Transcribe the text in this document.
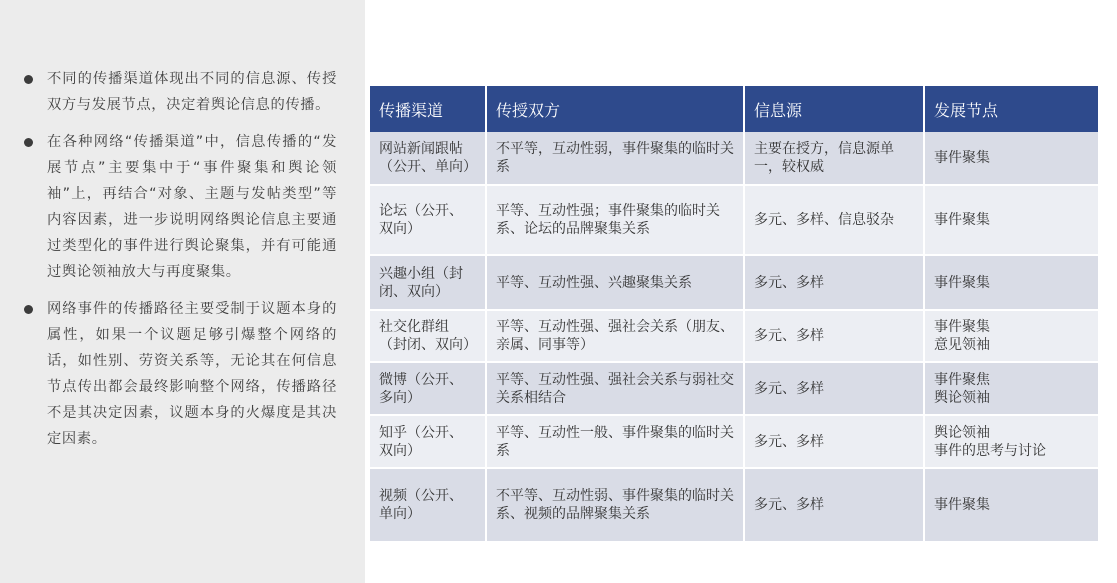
不同的传播渠道体现出不同的信息源、传授双方与发展节点，决定着舆论信息的传播。
在各种网络“传播渠道”中，信息传播的“发展节点”主要集中于“事件聚集和舆论领袖”上，再结合“对象、主题与发帖类型”等内容因素，进一步说明网络舆论信息主要通过类型化的事件进行舆论聚集，并有可能通过舆论领袖放大与再度聚集。
网络事件的传播路径主要受制于议题本身的属性，如果一个议题足够引爆整个网络的话，如性别、劳资关系等，无论其在何信息节点传出都会最终影响整个网络，传播路径不是其决定因素，议题本身的火爆度是其决定因素。
传播渠道	传授双方	信息源	发展节点
网站新闻跟帖（公开、单向）	不平等，互动性弱，事件聚集的临时关系	主要在授方，信息源单一，较权威	事件聚集

论坛（公开、双向）	平等、互动性强；事件聚集的临时关系、论坛的品牌聚集关系	多元、多样、信息驳杂	事件聚集

兴趣小组（封闭、双向）	平等、互动性强、兴趣聚集关系	多元、多样	事件聚集

社交化群组（封闭、双向）	平等、互动性强、强社会关系（朋友、亲属、同事等）	多元、多样	事件聚集
意见领袖

微博（公开、多向）	平等、互动性强、强社会关系与弱社交关系相结合	多元、多样	事件聚焦
舆论领袖

知乎（公开、双向）	平等、互动性一般、事件聚集的临时关系	多元、多样	舆论领袖
事件的思考与讨论

视频（公开、单向）	不平等、互动性弱、事件聚集的临时关系、视频的品牌聚集关系	多元、多样	事件聚集
